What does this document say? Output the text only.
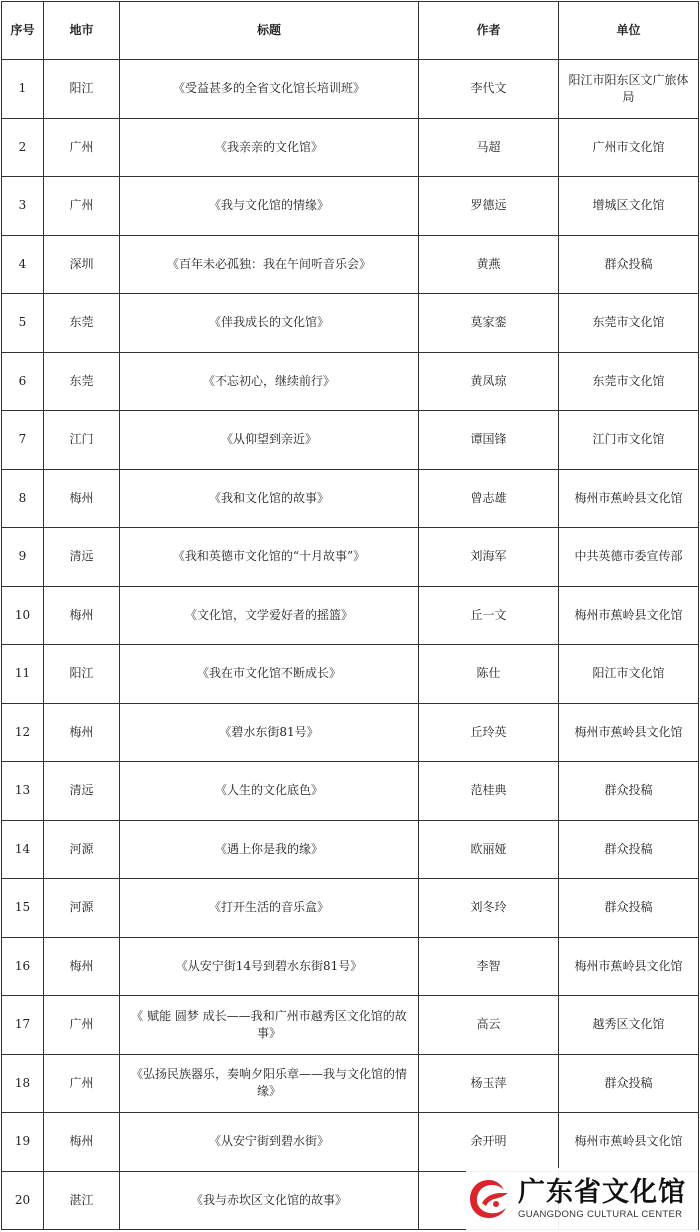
序号	地市	标题	作者	单位
1	阳江	《受益甚多的全省文化馆长培训班》	李代文	阳江市阳东区文广旅体局
2	广州	《我亲亲的文化馆》	马超	广州市文化馆
3	广州	《我与文化馆的情缘》	罗德远	增城区文化馆
4	深圳	《百年未必孤独：我在午间听音乐会》	黄燕	群众投稿
5	东莞	《伴我成长的文化馆》	莫家銮	东莞市文化馆
6	东莞	《不忘初心，继续前行》	黄凤琼	东莞市文化馆
7	江门	《从仰望到亲近》	谭国锋	江门市文化馆
8	梅州	《我和文化馆的故事》	曾志雄	梅州市蕉岭县文化馆
9	清远	《我和英德市文化馆的“十月故事”》	刘海军	中共英德市委宣传部
10	梅州	《文化馆，文学爱好者的摇篮》	丘一文	梅州市蕉岭县文化馆
11	阳江	《我在市文化馆不断成长》	陈仕	阳江市文化馆
12	梅州	《碧水东街81号》	丘玲英	梅州市蕉岭县文化馆
13	清远	《人生的文化底色》	范桂典	群众投稿
14	河源	《遇上你是我的缘》	欧丽娅	群众投稿
15	河源	《打开生活的音乐盒》	刘冬玲	群众投稿
16	梅州	《从安宁街14号到碧水东街81号》	李智	梅州市蕉岭县文化馆
17	广州	《 赋能 圆梦 成长——我和广州市越秀区文化馆的故事》	高云	越秀区文化馆
18	广州	《弘扬民族器乐，奏响夕阳乐章——我与文化馆的情缘》	杨玉萍	群众投稿
19	梅州	《从安宁街到碧水街》	余开明	梅州市蕉岭县文化馆
20	湛江	《我与赤坎区文化馆的故事》			广东省文化馆
GUANGDONG CULTURAL CENTER
